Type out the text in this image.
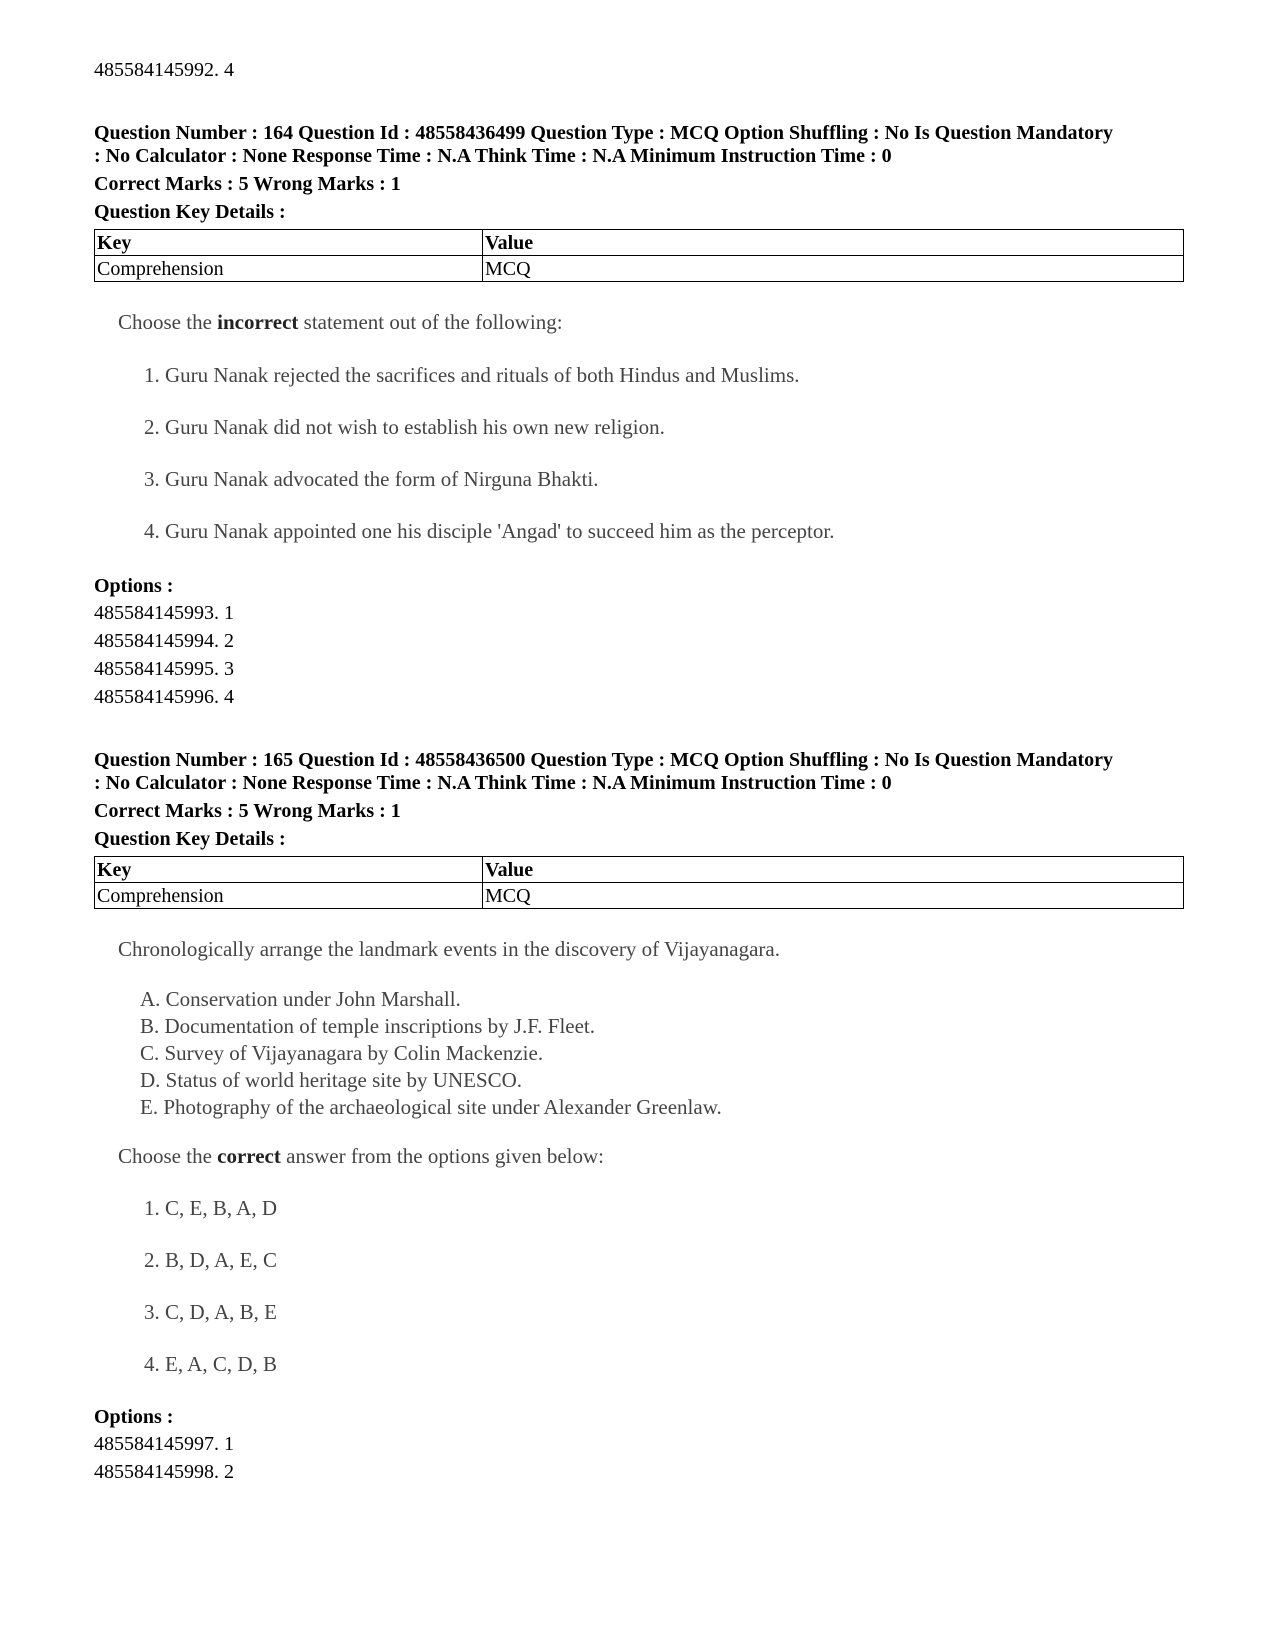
485584145992. 4
Question Number : 164 Question Id : 48558436499 Question Type : MCQ Option Shuffling : No Is Question Mandatory
: No Calculator : None Response Time : N.A Think Time : N.A Minimum Instruction Time : 0
Correct Marks : 5 Wrong Marks : 1
Question Key Details :
Key	Value
Comprehension	MCQ
Choose the incorrect statement out of the following:
1. Guru Nanak rejected the sacrifices and rituals of both Hindus and Muslims.
2. Guru Nanak did not wish to establish his own new religion.
3. Guru Nanak advocated the form of Nirguna Bhakti.
4. Guru Nanak appointed one his disciple 'Angad' to succeed him as the perceptor.
Options :
485584145993. 1
485584145994. 2
485584145995. 3
485584145996. 4
Question Number : 165 Question Id : 48558436500 Question Type : MCQ Option Shuffling : No Is Question Mandatory
: No Calculator : None Response Time : N.A Think Time : N.A Minimum Instruction Time : 0
Correct Marks : 5 Wrong Marks : 1
Question Key Details :
Key	Value
Comprehension	MCQ
Chronologically arrange the landmark events in the discovery of Vijayanagara.
A. Conservation under John Marshall.
B. Documentation of temple inscriptions by J.F. Fleet.
C. Survey of Vijayanagara by Colin Mackenzie.
D. Status of world heritage site by UNESCO.
E. Photography of the archaeological site under Alexander Greenlaw.
Choose the correct answer from the options given below:
1. C, E, B, A, D
2. B, D, A, E, C
3. C, D, A, B, E
4. E, A, C, D, B
Options :
485584145997. 1
485584145998. 2
